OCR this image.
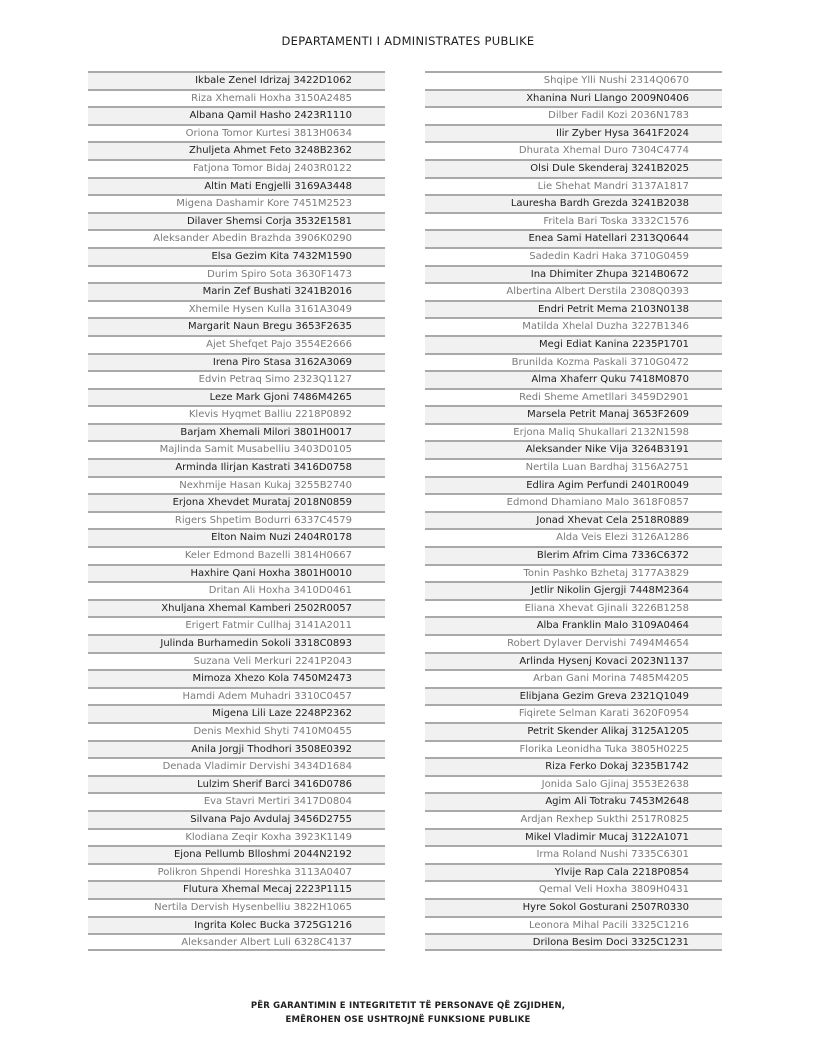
DEPARTAMENTI I ADMINISTRATES PUBLIKE
Ikbale Zenel Idrizaj 3422D1062
Riza Xhemali Hoxha 3150A2485
Albana Qamil Hasho 2423R1110
Oriona Tomor Kurtesi 3813H0634
Zhuljeta Ahmet Feto 3248B2362
Fatjona Tomor Bidaj 2403R0122
Altin Mati Engjelli 3169A3448
Migena Dashamir Kore 7451M2523
Dilaver Shemsi Corja 3532E1581
Aleksander Abedin Brazhda 3906K0290
Elsa Gezim Kita 7432M1590
Durim Spiro Sota 3630F1473
Marin Zef Bushati 3241B2016
Xhemile Hysen Kulla 3161A3049
Margarit Naun Bregu 3653F2635
Ajet Shefqet Pajo 3554E2666
Irena Piro Stasa 3162A3069
Edvin Petraq Simo 2323Q1127
Leze Mark Gjoni 7486M4265
Klevis Hyqmet Balliu 2218P0892
Barjam Xhemali Milori 3801H0017
Majlinda Samit Musabelliu 3403D0105
Arminda Ilirjan Kastrati 3416D0758
Nexhmije Hasan Kukaj 3255B2740
Erjona Xhevdet Murataj 2018N0859
Rigers Shpetim Bodurri 6337C4579
Elton Naim Nuzi 2404R0178
Keler Edmond Bazelli 3814H0667
Haxhire Qani Hoxha 3801H0010
Dritan Ali Hoxha 3410D0461
Xhuljana Xhemal Kamberi 2502R0057
Erigert Fatmir Cullhaj 3141A2011
Julinda Burhamedin Sokoli 3318C0893
Suzana Veli Merkuri 2241P2043
Mimoza Xhezo Kola 7450M2473
Hamdi Adem Muhadri 3310C0457
Migena Lili Laze 2248P2362
Denis Mexhid Shyti 7410M0455
Anila Jorgji Thodhori 3508E0392
Denada Vladimir Dervishi 3434D1684
Lulzim Sherif Barci 3416D0786
Eva Stavri Mertiri 3417D0804
Silvana Pajo Avdulaj 3456D2755
Klodiana Zeqir Koxha 3923K1149
Ejona Pellumb Blloshmi 2044N2192
Polikron Shpendi Horeshka 3113A0407
Flutura Xhemal Mecaj 2223P1115
Nertila Dervish Hysenbelliu 3822H1065
Ingrita Kolec Bucka 3725G1216
Aleksander Albert Luli 6328C4137
Shqipe Ylli Nushi 2314Q0670
Xhanina Nuri Llango 2009N0406
Dilber Fadil Kozi 2036N1783
Ilir Zyber Hysa 3641F2024
Dhurata Xhemal Duro 7304C4774
Olsi Dule Skenderaj 3241B2025
Lie Shehat Mandri 3137A1817
Lauresha Bardh Grezda 3241B2038
Fritela Bari Toska 3332C1576
Enea Sami Hatellari 2313Q0644
Sadedin Kadri Haka 3710G0459
Ina Dhimiter Zhupa 3214B0672
Albertina Albert Derstila 2308Q0393
Endri Petrit Mema 2103N0138
Matilda Xhelal Duzha 3227B1346
Megi Ediat Kanina 2235P1701
Brunilda Kozma Paskali 3710G0472
Alma Xhaferr Quku 7418M0870
Redi Sheme Ametllari 3459D2901
Marsela Petrit Manaj 3653F2609
Erjona Maliq Shukallari 2132N1598
Aleksander Nike Vija 3264B3191
Nertila Luan Bardhaj 3156A2751
Edlira Agim Perfundi 2401R0049
Edmond Dhamiano Malo 3618F0857
Jonad Xhevat Cela 2518R0889
Alda Veis Elezi 3126A1286
Blerim Afrim Cima 7336C6372
Tonin Pashko Bzhetaj 3177A3829
Jetlir Nikolin Gjergji 7448M2364
Eliana Xhevat Gjinali 3226B1258
Alba Franklin Malo 3109A0464
Robert Dylaver Dervishi 7494M4654
Arlinda Hysenj Kovaci 2023N1137
Arban Gani Morina 7485M4205
Elibjana Gezim Greva 2321Q1049
Fiqirete Selman Karati 3620F0954
Petrit Skender Alikaj 3125A1205
Florika Leonidha Tuka 3805H0225
Riza Ferko Dokaj 3235B1742
Jonida Salo Gjinaj 3553E2638
Agim Ali Totraku 7453M2648
Ardjan Rexhep Sukthi 2517R0825
Mikel Vladimir Mucaj 3122A1071
Irma Roland Nushi 7335C6301
Ylvije Rap Cala 2218P0854
Qemal Veli Hoxha 3809H0431
Hyre Sokol Gosturani 2507R0330
Leonora Mihal Pacili 3325C1216
Drilona Besim Doci 3325C1231
PËR GARANTIMIN E INTEGRITETIT TË PERSONAVE QË ZGJIDHEN,
EMËROHEN OSE USHTROJNË FUNKSIONE PUBLIKE
